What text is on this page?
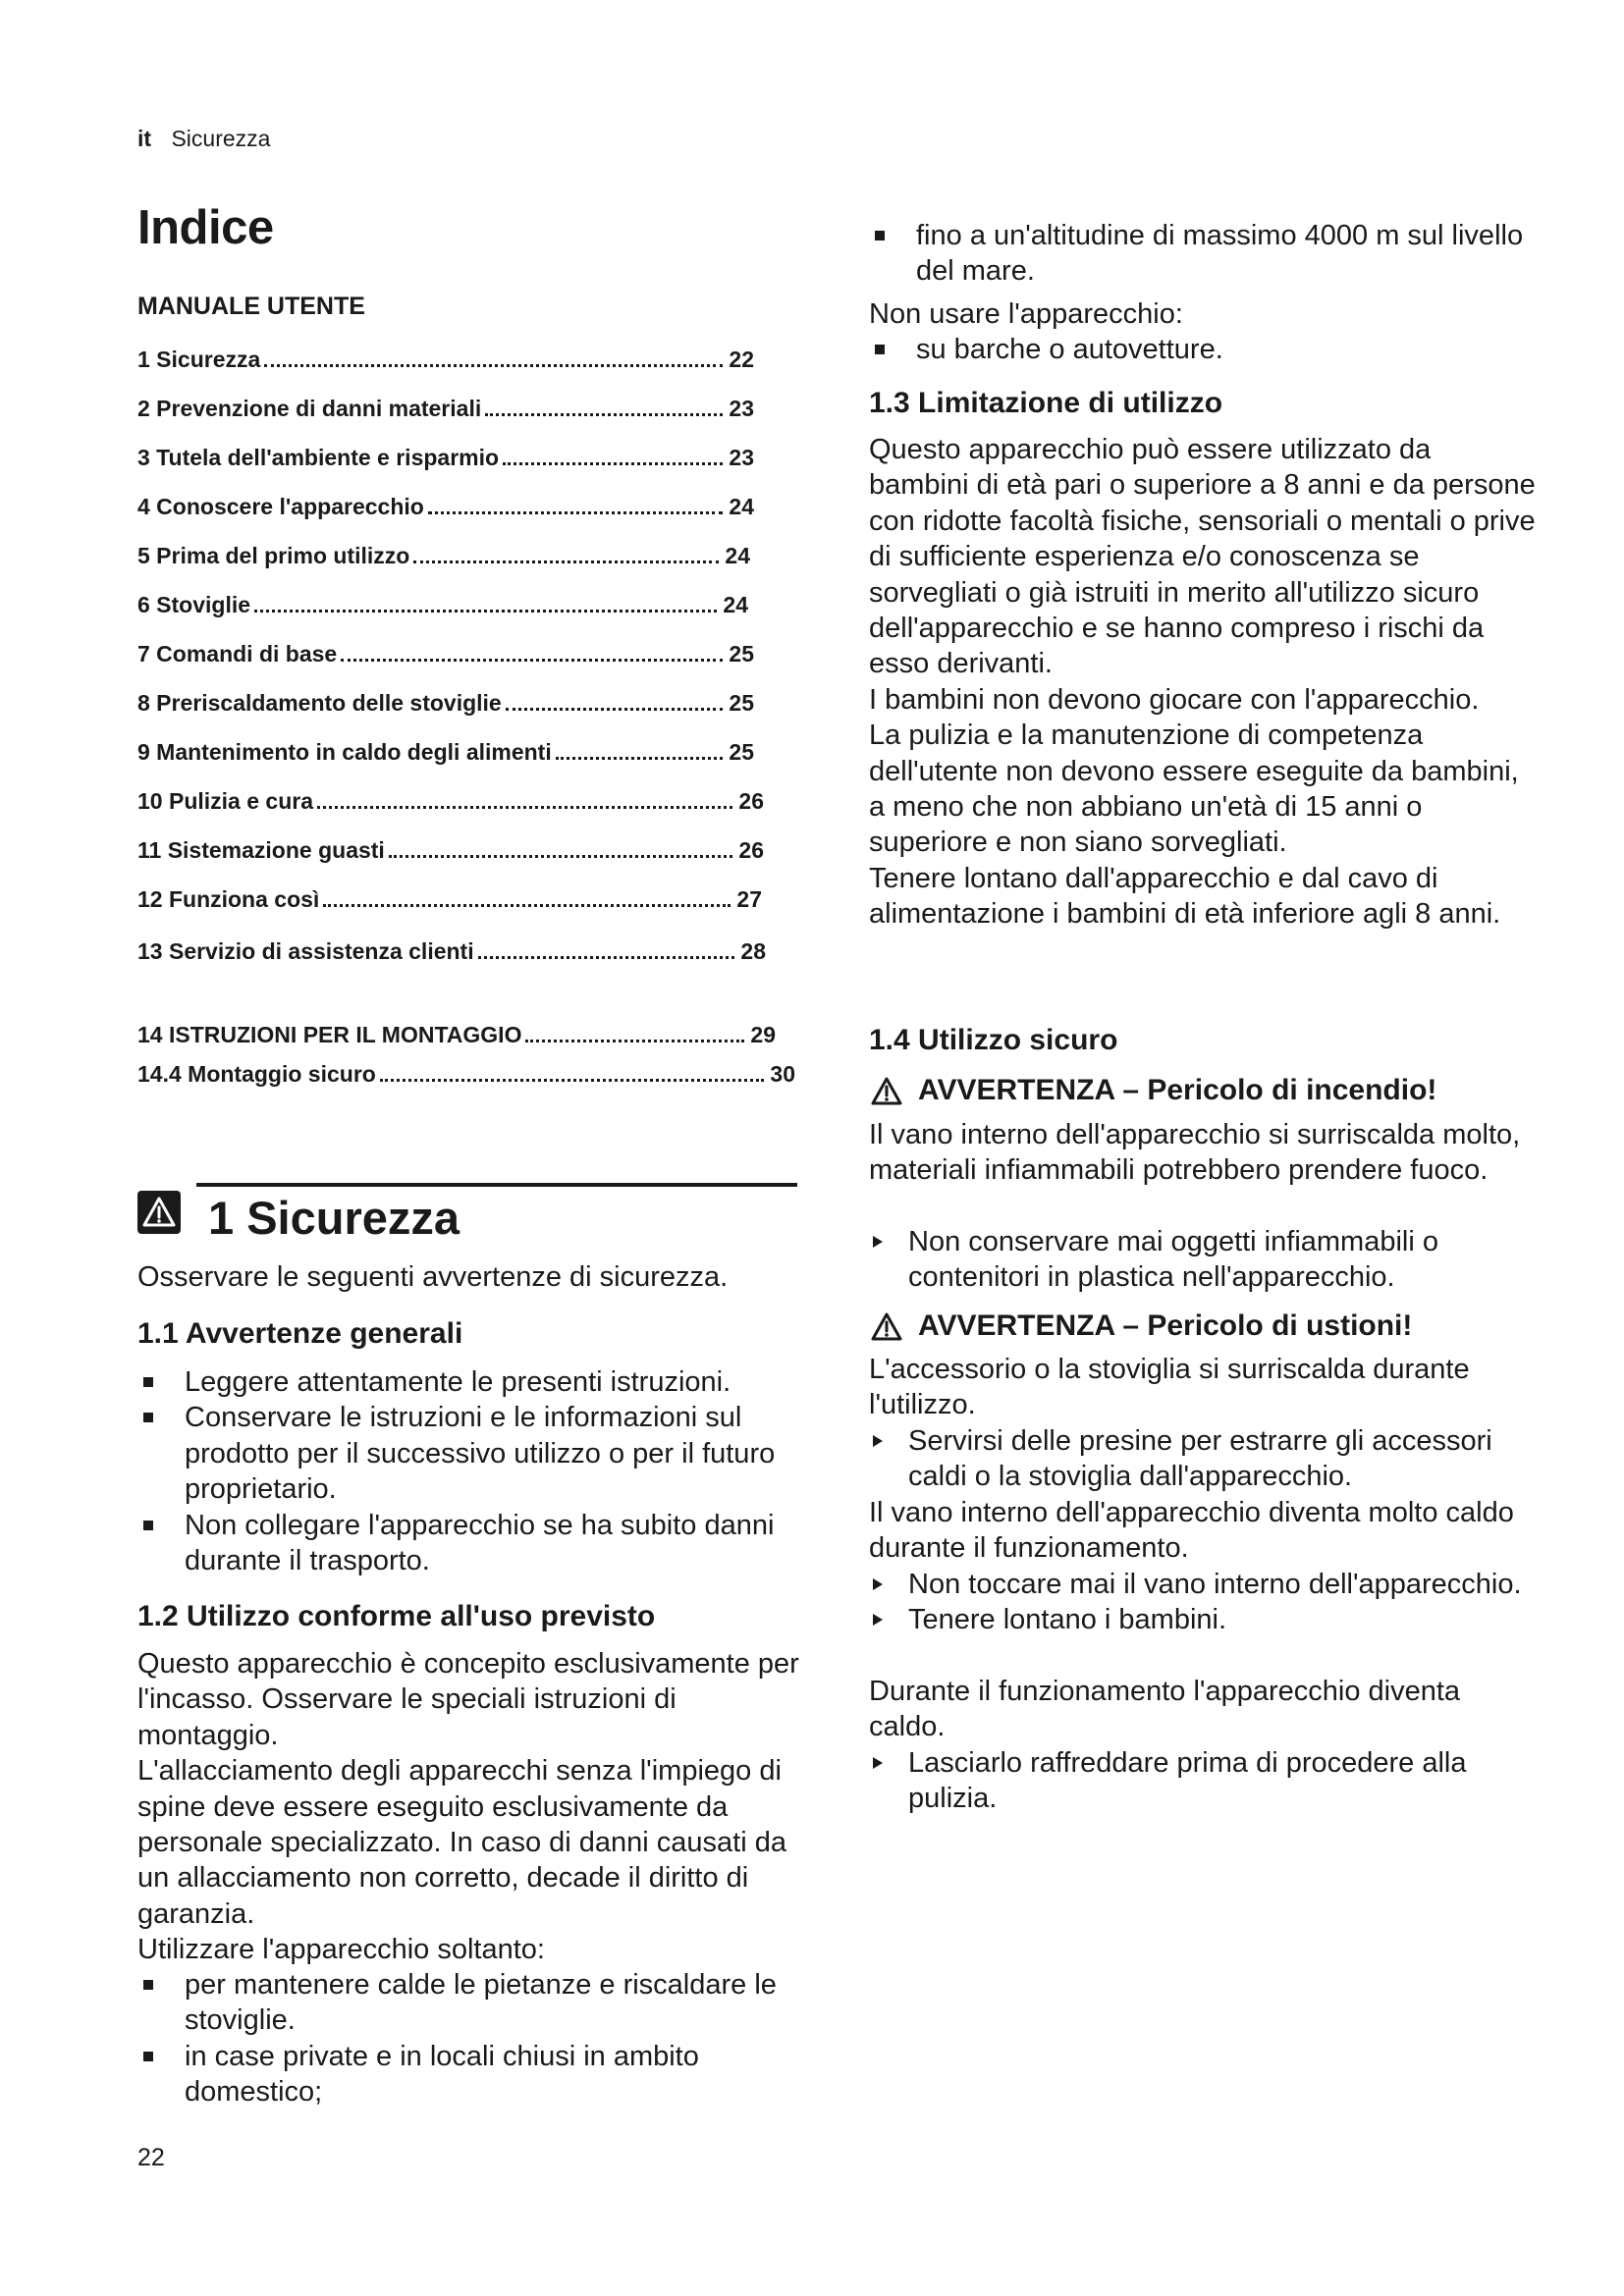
it Sicurezza
Indice
MANUALE UTENTE
1 Sicurezza	22
2 Prevenzione di danni materiali	23
3 Tutela dell'ambiente e risparmio	23
4 Conoscere l'apparecchio	24
5 Prima del primo utilizzo	24
6 Stoviglie	24
7 Comandi di base	25
8 Preriscaldamento delle stoviglie	25
9 Mantenimento in caldo degli alimenti	25
10 Pulizia e cura	26
11 Sistemazione guasti	26
12 Funziona così	27
13 Servizio di assistenza clienti	28
14 ISTRUZIONI PER IL MONTAGGIO	29
14.4 Montaggio sicuro	30
1 Sicurezza
Osservare le seguenti avvertenze di sicurezza.
1.1 Avvertenze generali
Leggere attentamente le presenti istruzioni.
Conservare le istruzioni e le informazioni sul prodotto per il successivo utilizzo o per il futuro proprietario.
Non collegare l'apparecchio se ha subito danni durante il trasporto.
1.2 Utilizzo conforme all'uso previsto

Questo apparecchio è concepito esclusivamente per l'incasso. Osservare le speciali istruzioni di montaggio.

L'allacciamento degli apparecchi senza l'impiego di spine deve essere eseguito esclusivamente da personale specializzato. In caso di danni causati da un allacciamento non corretto, decade il diritto di garanzia.

Utilizzare l'apparecchio soltanto:

per mantenere calde le pietanze e riscaldare le stoviglie.
in case private e in locali chiusi in ambito domestico;
fino a un'altitudine di massimo 4000 m sul livello del mare.
Non usare l'apparecchio:
su barche o autovetture.
1.3 Limitazione di utilizzo

Questo apparecchio può essere utilizzato da bambini di età pari o superiore a 8 anni e da persone con ridotte facoltà fisiche, sensoriali o mentali o prive di sufficiente esperienza e/o conoscenza se sorvegliati o già istruiti in merito all'utilizzo sicuro dell'apparecchio e se hanno compreso i rischi da esso derivanti.

I bambini non devono giocare con l'apparecchio.

La pulizia e la manutenzione di competenza dell'utente non devono essere eseguite da bambini, a meno che non abbiano un'età di 15 anni o superiore e non siano sorvegliati.

Tenere lontano dall'apparecchio e dal cavo di alimentazione i bambini di età inferiore agli 8 anni.

1.4 Utilizzo sicuro
AVVERTENZA – Pericolo di incendio!
Il vano interno dell'apparecchio si surriscalda molto, materiali infiammabili potrebbero prendere fuoco.
Non conservare mai oggetti infiammabili o contenitori in plastica nell'apparecchio.
AVVERTENZA – Pericolo di ustioni!
L'accessorio o la stoviglia si surriscalda durante l'utilizzo.
Servirsi delle presine per estrarre gli accessori caldi o la stoviglia dall'apparecchio.
Il vano interno dell'apparecchio diventa molto caldo durante il funzionamento.
Non toccare mai il vano interno dell'apparecchio.
Tenere lontano i bambini.
Durante il funzionamento l'apparecchio diventa caldo.
Lasciarlo raffreddare prima di procedere alla pulizia.
22
